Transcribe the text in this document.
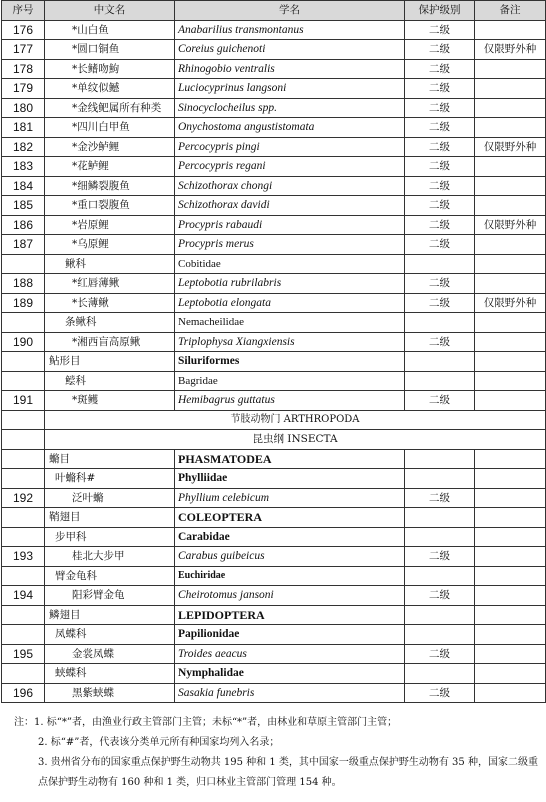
序号	中文名	学名	保护级别	备注
176	*山白鱼	Anabarilius transmontanus	二级	
177	*圆口铜鱼	Coreius guichenoti	二级	仅限野外种
178	*长鳍吻鮈	Rhinogobio ventralis	二级	
179	*单纹似鳡	Luciocyprinus langsoni	二级	
180	*金线鲃属所有种类	Sinocyclocheilus spp.	二级	
181	*四川白甲鱼	Onychostoma angustistomata	二级	
182	*金沙鲈鲤	Percocypris pingi	二级	仅限野外种
183	*花鲈鲤	Percocypris regani	二级	
184	*细鳞裂腹鱼	Schizothorax chongi	二级	
185	*重口裂腹鱼	Schizothorax davidi	二级	
186	*岩原鲤	Procypris rabaudi	二级	仅限野外种
187	*乌原鲤	Procypris merus	二级	
	鳅科	Cobitidae		
188	*红唇薄鳅	Leptobotia rubrilabris	二级	
189	*长薄鳅	Leptobotia elongata	二级	仅限野外种
	条鳅科	Nemacheilidae		
190	*湘西盲高原鳅	Triplophysa Xiangxiensis	二级	
	鲇形目	Siluriformes		
	鲿科	Bagridae		
191	*斑鳠	Hemibagrus guttatus	二级	
	节肢动物门 ARTHROPODA			
	昆虫纲 INSECTA			
	䗛目	PHASMATODEA		
	叶䗛科#	Phylliidae		
192	泛叶䗛	Phyllium celebicum	二级	
	鞘翅目	COLEOPTERA		
	步甲科	Carabidae		
193	桂北大步甲	Carabus guibeicus	二级	
	臂金龟科	Euchiridae		
194	阳彩臂金龟	Cheirotomus jansoni	二级	
	鳞翅目	LEPIDOPTERA		
	凤蝶科	Papilionidae		
195	金裳凤蝶	Troides aeacus	二级	
	蛱蝶科	Nymphalidae		
196	黑紫蛱蝶	Sasakia funebris	二级	

注：1. 标“*”者，由渔业行政主管部门主管；未标“*”者，由林业和草原主管部门主管；

2. 标“#”者，代表该分类单元所有种国家均列入名录；

3. 贵州省分布的国家重点保护野生动物共 195 种和 1 类，其中国家一级重点保护野生动物有 35 种，国家二级重点保护野生动物有 160 种和 1 类，归口林业主管部门管理 154 种。
